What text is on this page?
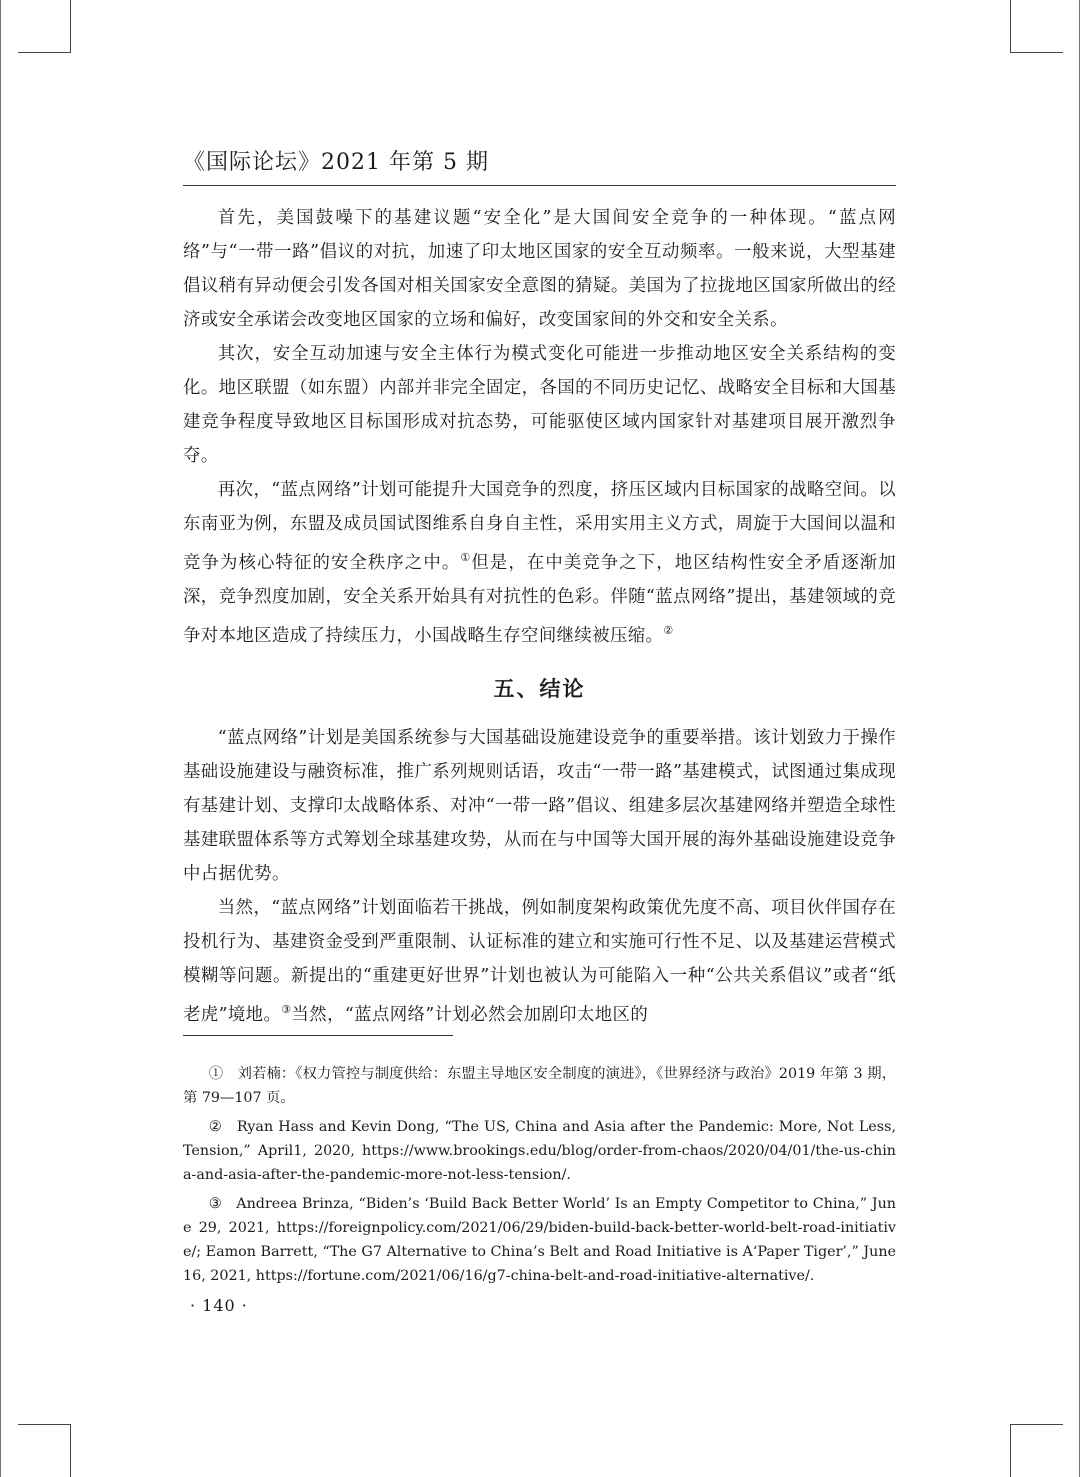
《国际论坛》2021 年第 5 期

首先，美国鼓噪下的基建议题“安全化”是大国间安全竞争的一种体现。“蓝点网络”与“一带一路”倡议的对抗，加速了印太地区国家的安全互动频率。一般来说，大型基建倡议稍有异动便会引发各国对相关国家安全意图的猜疑。美国为了拉拢地区国家所做出的经济或安全承诺会改变地区国家的立场和偏好，改变国家间的外交和安全关系。

其次，安全互动加速与安全主体行为模式变化可能进一步推动地区安全关系结构的变化。地区联盟（如东盟）内部并非完全固定，各国的不同历史记忆、战略安全目标和大国基建竞争程度导致地区目标国形成对抗态势，可能驱使区域内国家针对基建项目展开激烈争夺。

再次，“蓝点网络”计划可能提升大国竞争的烈度，挤压区域内目标国家的战略空间。以东南亚为例，东盟及成员国试图维系自身自主性，采用实用主义方式，周旋于大国间以温和竞争为核心特征的安全秩序之中。①但是，在中美竞争之下，地区结构性安全矛盾逐渐加深，竞争烈度加剧，安全关系开始具有对抗性的色彩。伴随“蓝点网络”提出，基建领域的竞争对本地区造成了持续压力，小国战略生存空间继续被压缩。②

五、结论

“蓝点网络”计划是美国系统参与大国基础设施建设竞争的重要举措。该计划致力于操作基础设施建设与融资标准，推广系列规则话语，攻击“一带一路”基建模式，试图通过集成现有基建计划、支撑印太战略体系、对冲“一带一路”倡议、组建多层次基建网络并塑造全球性基建联盟体系等方式筹划全球基建攻势，从而在与中国等大国开展的海外基础设施建设竞争中占据优势。

当然，“蓝点网络”计划面临若干挑战，例如制度架构政策优先度不高、项目伙伴国存在投机行为、基建资金受到严重限制、认证标准的建立和实施可行性不足、以及基建运营模式模糊等问题。新提出的“重建更好世界”计划也被认为可能陷入一种“公共关系倡议”或者“纸老虎”境地。③当然，“蓝点网络”计划必然会加剧印太地区的

①　刘若楠：《权力管控与制度供给：东盟主导地区安全制度的演进》，《世界经济与政治》2019 年第 3 期，第 79—107 页。

②　Ryan Hass and Kevin Dong, “The US, China and Asia after the Pandemic: More, Not Less, Tension,” April1, 2020, https://www.brookings.edu/blog/order-from-chaos/2020/04/01/the-us-china-and-asia-after-the-pandemic-more-not-less-tension/.

③　Andreea Brinza, “Biden’s ‘Build Back Better World’ Is an Empty Competitor to China,” June 29, 2021, https://foreignpolicy.com/2021/06/29/biden-build-back-better-world-belt-road-initiative/; Eamon Barrett, “The G7 Alternative to China’s Belt and Road Initiative is A‘Paper Tiger’,” June 16, 2021, https://fortune.com/2021/06/16/g7-china-belt-and-road-initiative-alternative/.

· 140 ·
